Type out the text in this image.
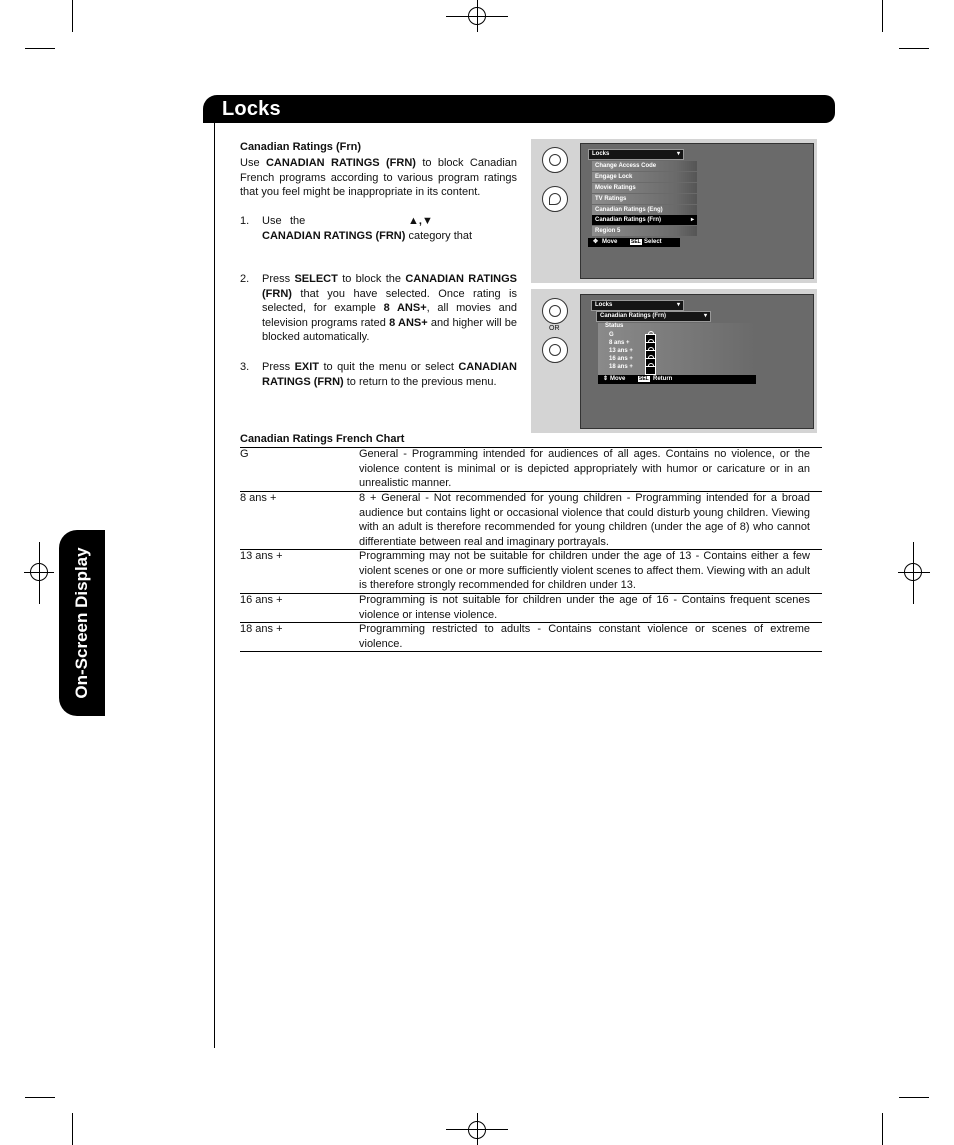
Locks
On-Screen Display
Canadian Ratings (Frn)
Use CANADIAN RATINGS (FRN) to block Canadian French programs according to various program ratings that you feel might be inappropriate in its content.
1. Use the	▲,▼
CANADIAN RATINGS (FRN) category that
2. Press SELECT to block the CANADIAN RATINGS (FRN) that you have selected. Once rating is selected, for example 8 ANS+, all movies and television programs rated 8 ANS+ and higher will be blocked automatically.
3. Press EXIT to quit the menu or select CANADIAN RATINGS (FRN) to return to the previous menu.
Locks	▾
Change Access Code
Engage Lock
Movie Ratings
TV Ratings
Canadian Ratings (Eng)
Canadian Ratings (Frn)	▸
Region 5
✥ Move	SEL Select
OR
Locks	▾
Canadian Ratings (Frn)	▾
Status
G
8 ans +
13 ans +
16 ans +
18 ans +
⇕ Move	SEL Return
Canadian Ratings French Chart
G	General - Programming intended for audiences of all ages. Contains no violence, or the violence content is minimal or is depicted appropriately with humor or caricature or in an unrealistic manner.
8 ans +	8 + General - Not recommended for young children - Programming intended for a broad audience but contains light or occasional violence that could disturb young children. Viewing with an adult is therefore recommended for young children (under the age of 8) who cannot differentiate between real and imaginary portrayals.
13 ans +	Programming may not be suitable for children under the age of 13 - Contains either a few violent scenes or one or more sufficiently violent scenes to affect them. Viewing with an adult is therefore strongly recommended for children under 13.
16 ans +	Programming is not suitable for children under the age of 16 - Contains frequent scenes violence or intense violence.
18 ans +	Programming restricted to adults - Contains constant violence or scenes of extreme violence.
